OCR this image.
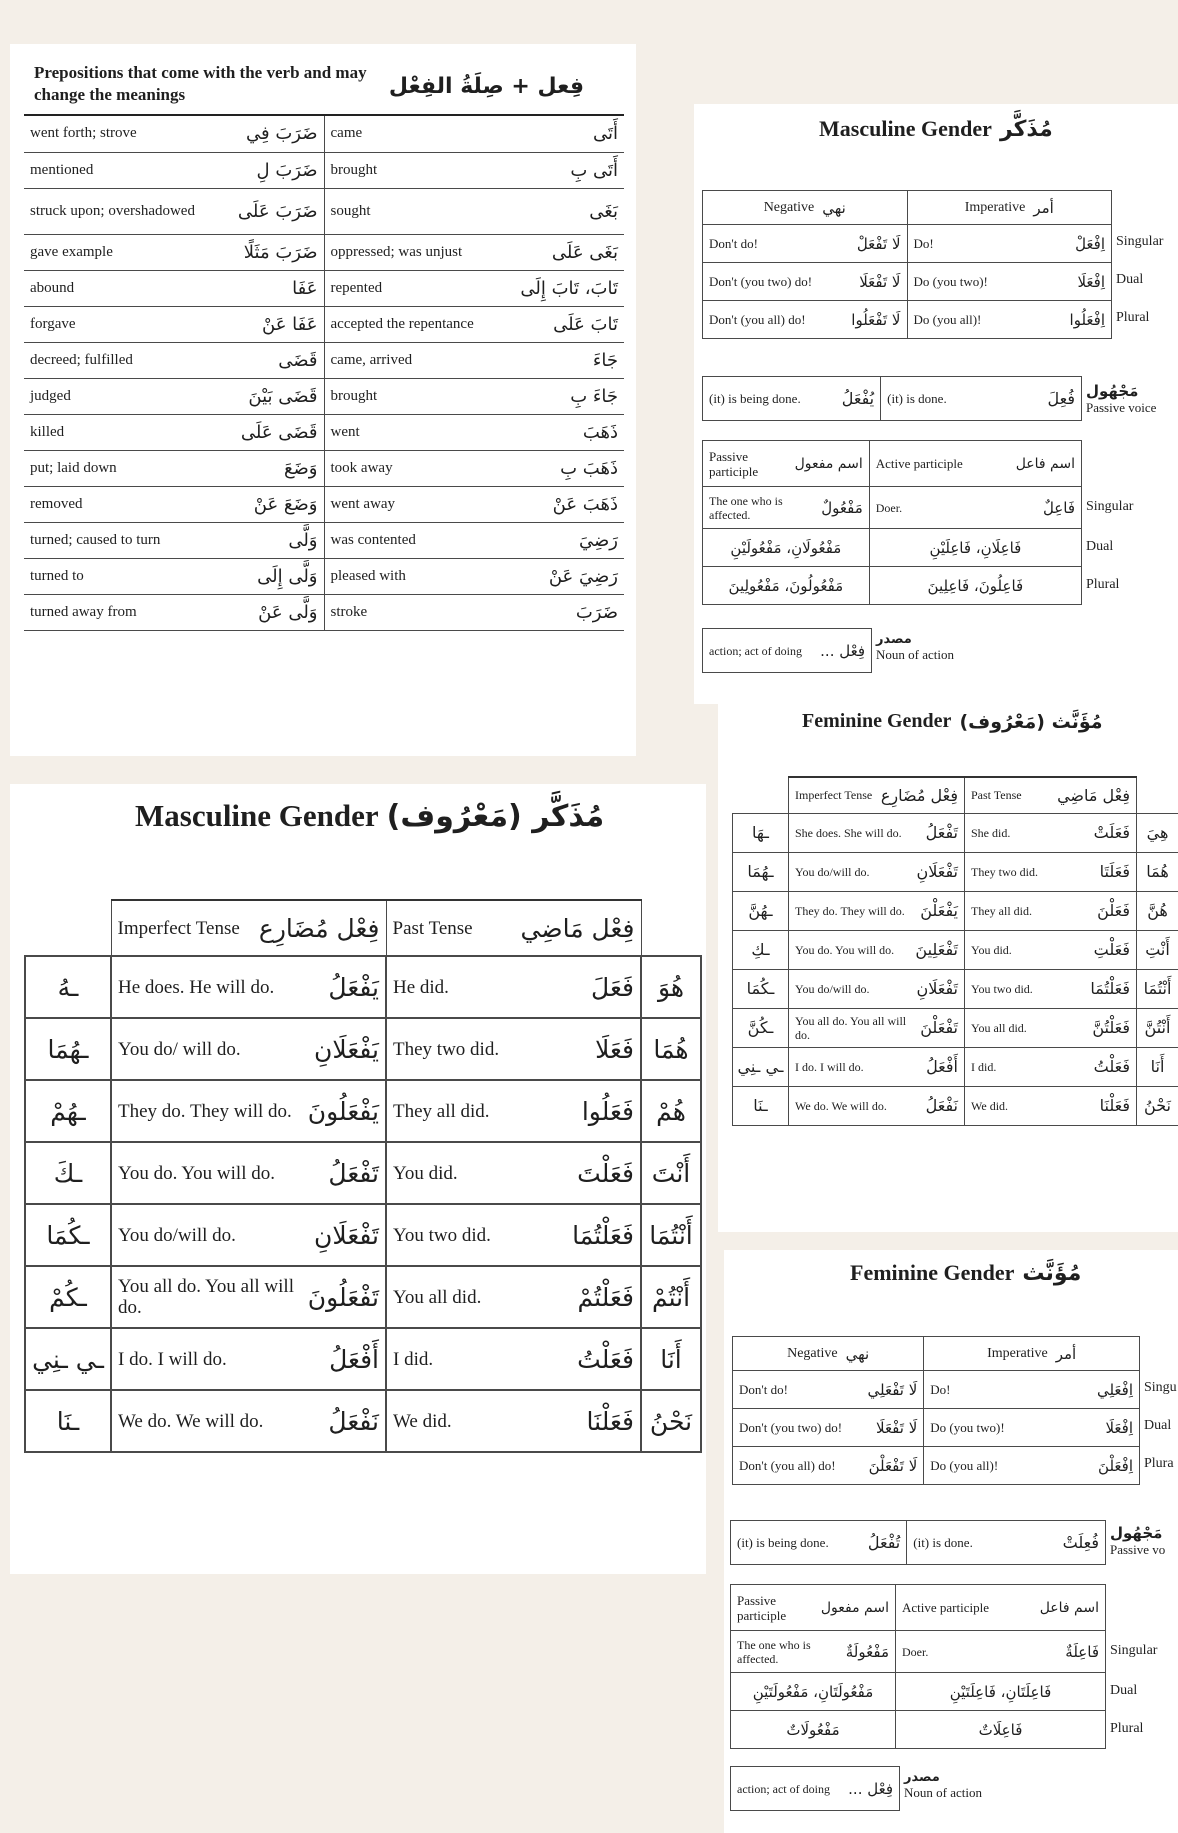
Prepositions that come with the verb and may change the meanings	فِعل + صِلَةُ الفِعْل
went forth; strove ضَرَبَ فِي	came أَتَى

mentioned ضَرَبَ لِ	brought أَتَى بِ

struck upon; overshadowed ضَرَبَ عَلَى	sought بَغَى

gave example ضَرَبَ مَثَلًا	oppressed; was unjust بَغَى عَلَى

abound عَفَا	repented تَابَ، تَابَ إِلَى

forgave عَفَا عَنْ	accepted the repentance تَابَ عَلَى

decreed; fulfilled قَضَى	came, arrived جَاءَ

judged قَضَى بَيْنَ	brought جَاءَ بِ

killed قَضَى عَلَى	went ذَهَبَ

put; laid down وَضَعَ	took away ذَهَبَ بِ

removed وَضَعَ عَنْ	went away ذَهَبَ عَنْ

turned; caused to turn وَلَّى	was contented رَضِيَ

turned to وَلَّى إِلَى	pleased with رَضِيَ عَنْ

turned away from وَلَّى عَنْ	stroke ضَرَبَ
مُذَكَّر (مَعْرُوف)
Masculine Gender

	Imperfect Tense فِعْل مُضَارِع	Past Tense فِعْل مَاضِي	

ـهُ	He does. He will do. يَفْعَلُ	He did. فَعَلَ	هُوَ
ـهُمَا	You do/ will do. يَفْعَلَانِ	They two did. فَعَلَا	هُمَا
ـهُمْ	They do. They will do. يَفْعَلُونَ	They all did. فَعَلُوا	هُمْ
ـكَ	You do. You will do. تَفْعَلُ	You did. فَعَلْتَ	أَنْتَ
ـكُمَا	You do/will do. تَفْعَلَانِ	You two did. فَعَلْتُمَا	أَنْتُمَا
ـكُمْ	You all do. You all will do. تَفْعَلُونَ	You all did. فَعَلْتُمْ	أَنْتُمْ
ـي ـنِي	I do. I will do. أَفْعَلُ	I did. فَعَلْتُ	أَنَا
ـنَا	We do. We will do. نَفْعَلُ	We did. فَعَلْنَا	نَحْنُ
Masculine Gender مُذَكَّر
Negative نهي	Imperative أمر

Don't do! لَا تَفْعَلْ	Do! اِفْعَلْ

Don't (you two) do! لَا تَفْعَلَا	Do (you two)! اِفْعَلَا

Don't (you all) do! لَا تَفْعَلُوا	Do (you all)! اِفْعَلُوا
Singular
Dual
Plural
(it) is being done.	يُفْعَلُ	(it) is done.	فُعِلَ مَجْهُول
Passive voice
Passive participle اسم مفعول	Active participle اسم فاعل

The one who is affected. مَفْعُولٌ	Doer. فَاعِلٌ

مَفْعُولَانِ، مَفْعُولَيْنِ	فَاعِلَانِ، فَاعِلَيْنِ

مَفْعُولُونَ، مَفْعُولِينَ	فَاعِلُونَ، فَاعِلِينَ
Singular
Dual
Plural
action; act of doing فِعْل ...
مصدر
Noun of action
مُؤَنَّث (مَعْرُوف)
Feminine Gender

	Imperfect Tense فِعْل مُضَارِع	Past Tense فِعْل مَاضِي	

ـهَا	She does. She will do. تَفْعَلُ	She did. فَعَلَتْ	هِيَ
ـهُمَا	You do/will do. تَفْعَلَانِ	They two did. فَعَلَتَا	هُمَا
ـهُنَّ	They do. They will do. يَفْعَلْنَ	They all did. فَعَلْنَ	هُنَّ
ـكِ	You do. You will do. تَفْعَلِينَ	You did. فَعَلْتِ	أَنْتِ
ـكُمَا	You do/will do. تَفْعَلَانِ	You two did. فَعَلْتُمَا	أَنْتُمَا
ـكُنَّ	You all do. You all will do. تَفْعَلْنَ	You all did. فَعَلْتُنَّ	أَنْتُنَّ
ـي ـنِي	I do. I will do. أَفْعَلُ	I did. فَعَلْتُ	أَنَا
ـنَا	We do. We will do. نَفْعَلُ	We did. فَعَلْنَا	نَحْنُ
Feminine Gender مُؤَنَّث
Negative نهي	Imperative أمر

Don't do! لَا تَفْعَلِي	Do! اِفْعَلِي

Don't (you two) do! لَا تَفْعَلَا	Do (you two)! اِفْعَلَا

Don't (you all) do! لَا تَفْعَلْنَ	Do (you all)! اِفْعَلْنَ
Singu
Dual
Plura
(it) is being done. تُفْعَلُ	(it) is done.	فُعِلَتْ مَجْهُول
Passive vo
Passive participle اسم مفعول	Active participle اسم فاعل

The one who is affected. مَفْعُولَةٌ	Doer. فَاعِلَةٌ

مَفْعُولَتَانِ، مَفْعُولَتَيْنِ	فَاعِلَتَانِ، فَاعِلَتَيْنِ

مَفْعُولَاتٌ	فَاعِلَاتٌ
Singular
Dual
Plural
action; act of doing فِعْل ...
مصدر
Noun of action
